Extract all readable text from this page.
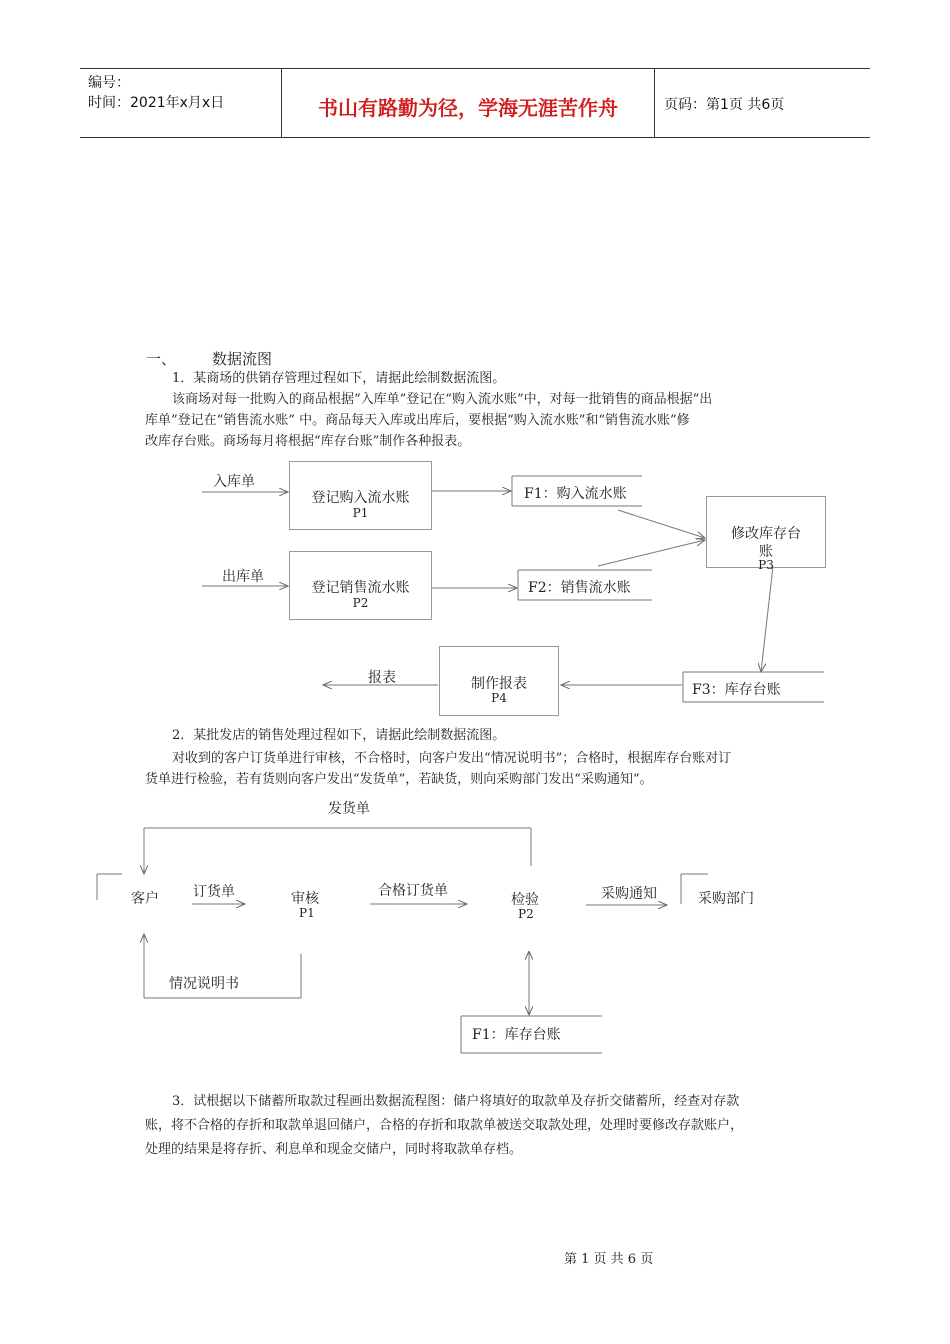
编号：
时间：2021年x月x日	书山有路勤为径，学海无涯苦作舟	页码：第1页 共6页
一、 数据流图
1．某商场的供销存管理过程如下，请据此绘制数据流图。
该商场对每一批购入的商品根据“入库单”登记在“购入流水账”中，对每一批销售的商品根据“出
库单”登记在“销售流水账” 中。商品每天入库或出库后，要根据“购入流水账”和“销售流水账”修
改库存台账。商场每月将根据“库存台账”制作各种报表。
入库单
出库单
登记购入流水账
P1
登记销售流水账
P2
F1：购入流水账
F2：销售流水账
修改库存台
账
P3
F3：库存台账
制作报表
P4
报表
2．某批发店的销售处理过程如下，请据此绘制数据流图。
对收到的客户订货单进行审核，不合格时，向客户发出“情况说明书”；合格时，根据库存台账对订
货单进行检验，若有货则向客户发出“发货单”，若缺货，则向采购部门发出“采购通知”。
发货单
客户 订货单	审核
P1
合格订货单
检验
P2
采购通知	采购部门
情况说明书
F1：库存台账
3．试根据以下储蓄所取款过程画出数据流程图：储户将填好的取款单及存折交储蓄所，经查对存款
账，将不合格的存折和取款单退回储户，合格的存折和取款单被送交取款处理，处理时要修改存款账户，
处理的结果是将存折、利息单和现金交储户，同时将取款单存档。
第 1 页 共 6 页
